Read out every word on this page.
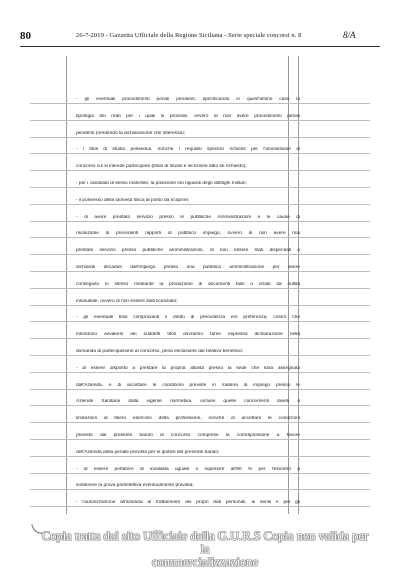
80	26-7-2019 - Gazzetta Ufficiale della Regione Siciliana - Serie speciale concorsi n. 8	8/A
- gli eventuali procedimenti penali pendenti, specificando in quest'ultimo caso la
tipologia dei reati per i quali si procede, ovvero di non avere procedimenti penali
pendenti (rendendo la dichiarazione che interessa);
- i titoli di studio posseduti, nonché i requisiti specifici richiesti per l'ammissione al
concorso cui si intende partecipare (titolo di studio e iscrizione albo se richiesto);
- per i candidati di sesso maschile, la posizione nei riguardi degli obblighi militari;
- il possesso della idoneità fisica al posto da ricoprire;
- di avere prestato servizio presso le pubbliche Amministrazioni e le cause di
risoluzione di precedenti rapporti di pubblico impiego, ovvero di non avere mai
prestato servizio presso pubbliche amministrazioni, di non essere stati dispensati o
dichiarati decaduti dall'impiego presso una pubblica amministrazione per avere
conseguito lo stesso mediante la produzione di documenti falsi o viziati da nullità
insanabile, ovvero di non essere stati licenziato;
- gli eventuali titoli comprovanti il diritto di precedenza e/o preferenza; coloro che
intendono avvalersi dei suddetti titoli dovranno farne espressa dichiarazione nella
domanda di partecipazione al concorso, pena esclusione dal relativo beneficio;
- di essere disposto a prestare la propria attività presso la sede che sarà assegnata
dall'Azienda, e di accettare le condizioni previste in materia di impiego presso le
Aziende Sanitarie dalla vigente normativa, incluse quelle concernenti divieti o
limitazioni al libero esercizio della professione, nonché di accettare le condizioni
previste dal presente bando di concorso comprese la corresponsione a favore
dell'Azienda della penale prevista per le ipotesi del presente bando;
- di essere portatore di invalidità uguale o superiore all'80 % per l'esonero a
sostenere la prova preselettiva eventualmente prevista;
- l'autorizzazione all'azienda al trattamento dei propri dati personali, ai sensi e per gli
Copia tratta dal sito Ufficiale della G.U.R.S Copia non valida per la
commercializzazione
